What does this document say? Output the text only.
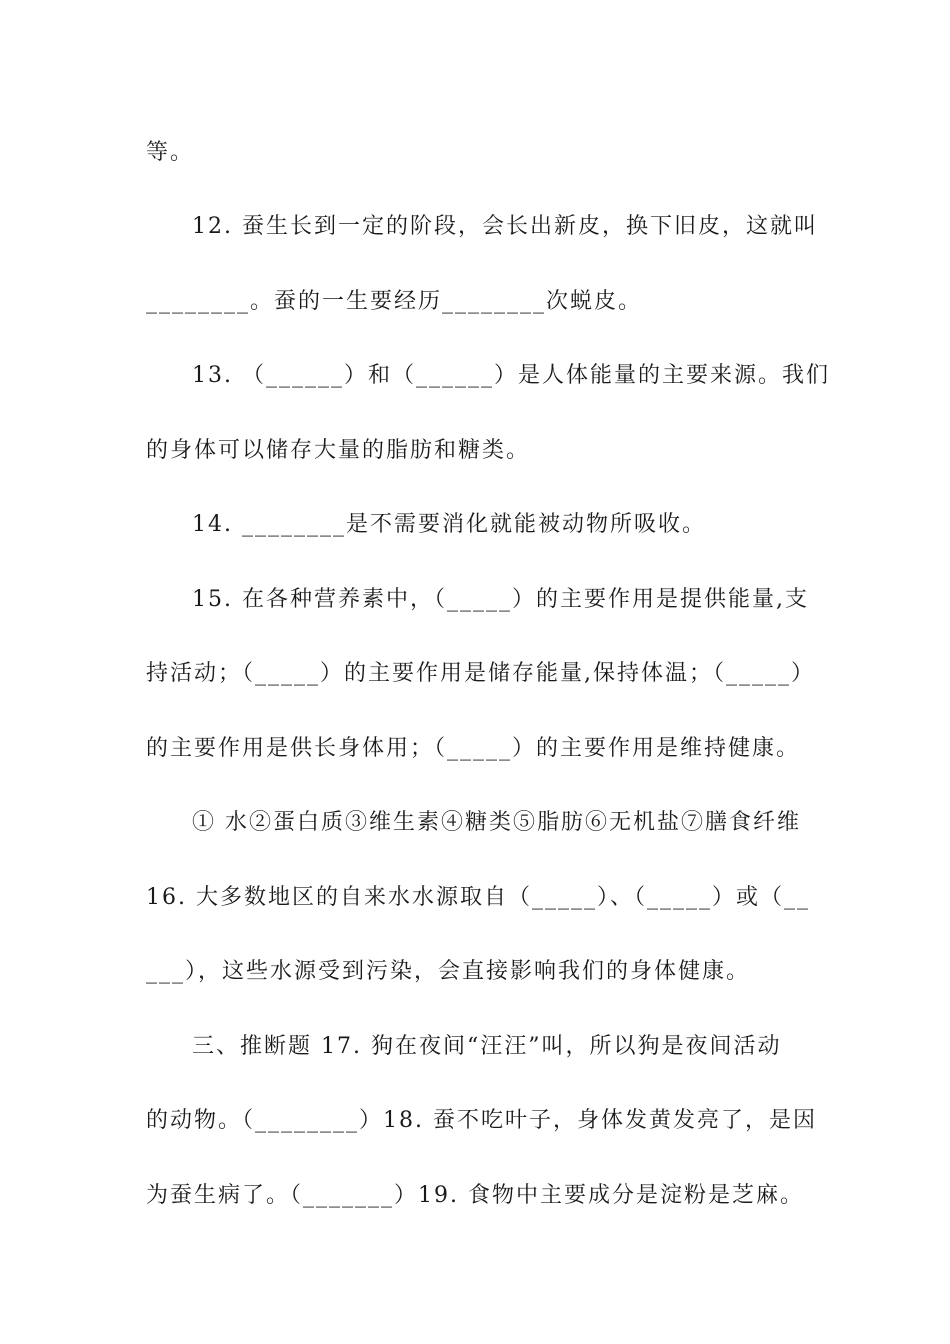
等。
12. 蚕生长到一定的阶段，会长出新皮，换下旧皮，这就叫
________。蚕的一生要经历________次蜕皮。
13. （______）和（______）是人体能量的主要来源。我们
的身体可以储存大量的脂肪和糖类。
14. ________是不需要消化就能被动物所吸收。
15. 在各种营养素中，（_____）的主要作用是提供能量,支
持活动；（_____）的主要作用是储存能量,保持体温；（_____）
的主要作用是供长身体用；（_____）的主要作用是维持健康。
① 水②蛋白质③维生素④糖类⑤脂肪⑥无机盐⑦膳食纤维
16. 大多数地区的自来水水源取自（_____）、（_____）或（__
___），这些水源受到污染，会直接影响我们的身体健康。
三、推断题 17. 狗在夜间“汪汪”叫，所以狗是夜间活动
的动物。（________）18. 蚕不吃叶子，身体发黄发亮了，是因
为蚕生病了。（_______）19. 食物中主要成分是淀粉是芝麻。
